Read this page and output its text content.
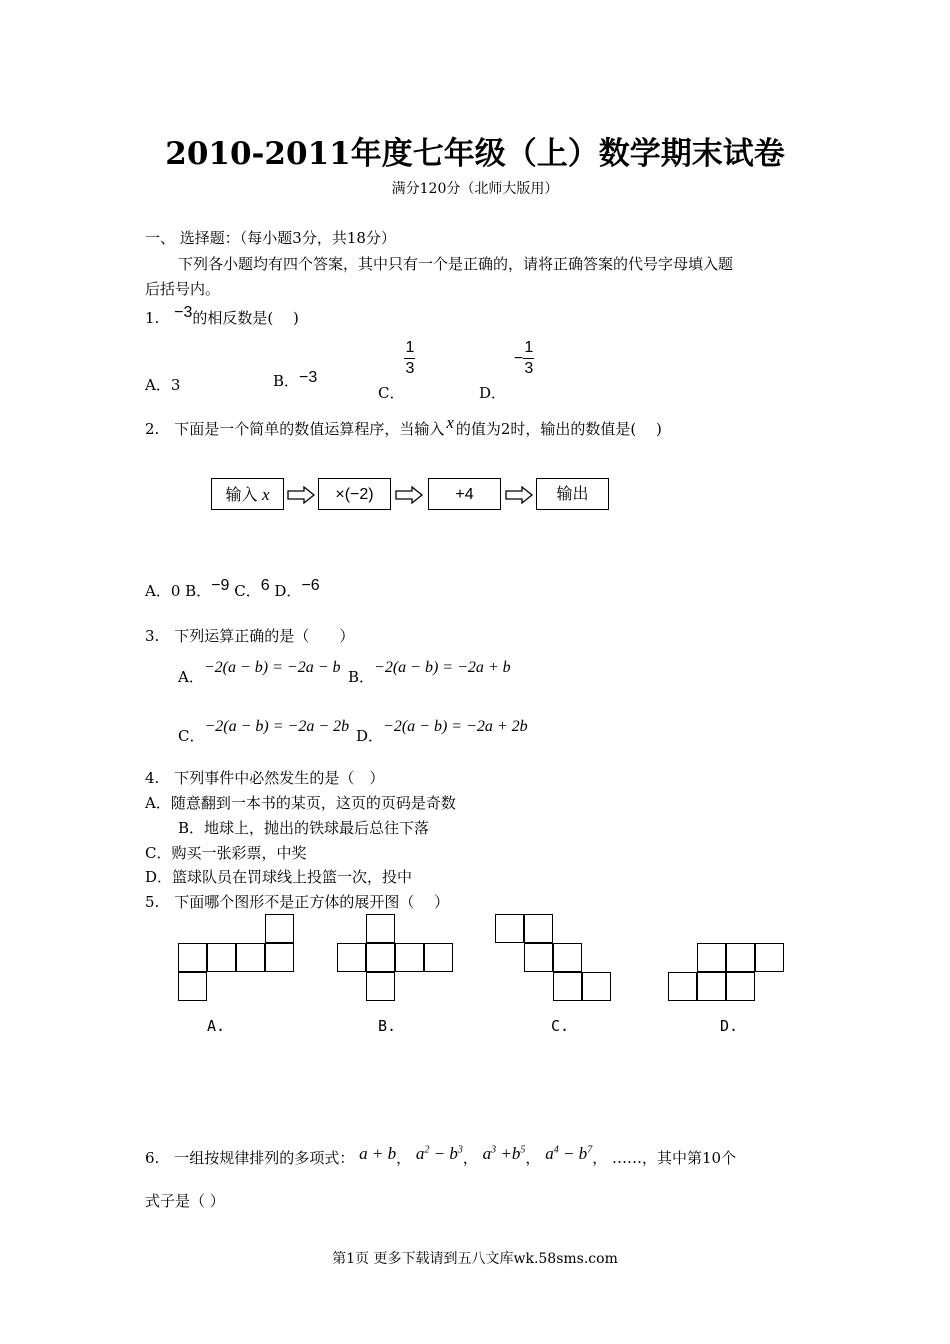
2010-2011年度七年级（上）数学期末试卷
满分120分（北师大版用）
一、 选择题：（每小题3分，共18分）
下列各小题均有四个答案，其中只有一个是正确的，请将正确答案的代号字母填入题
后括号内。
1. −3的相反数是(　 )
A．3	B．−3
C．
$\frac{1}{3}$
D．− $\frac{1}{3}$
2.　下面是一个简单的数值运算程序，当输入 x 的值为2时，输出的数值是(　 )
输入 x	×(−2)	+4	输出
A．0 B．−9 C．6 D．−6
3.　下列运算正确的是（　　）
A．−2(a − b) = −2a − b
B．−2(a − b) = −2a + b
C．−2(a − b) = −2a − 2b
D．−2(a − b) = −2a + 2b
4.　下列事件中必然发生的是（　）
A．随意翻到一本书的某页，这页的页码是奇数
B．地球上，抛出的铁球最后总往下落
C．购买一张彩票，中奖
D．篮球队员在罚球线上投篮一次，投中
5.　下面哪个图形不是正方体的展开图（　 ）
A.	B.	C.	D.
6.　一组按规律排列的多项式： a + b， $a^2 - b^3$， $a^3 +b^5$， $a^4 - b^7$， ……，其中第10个
式子是（ ）
第1页 更多下载请到五八文库wk.58sms.com
